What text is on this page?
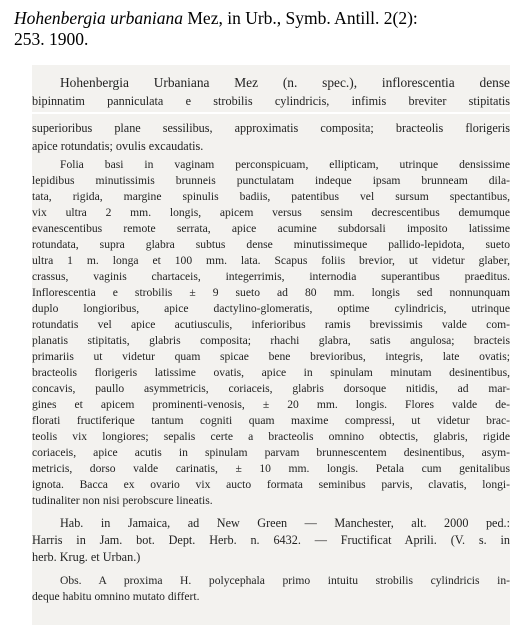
Hohenbergia urbaniana Mez, in Urb., Symb. Antill. 2(2):
253. 1900.
Hohenbergia Urbaniana Mez (n. spec.), inflorescentia dense
bipinnatim panniculata e strobilis cylindricis, infimis breviter stipitatis
superioribus plane sessilibus, approximatis composita; bracteolis florigeris
apice rotundatis; ovulis excaudatis.
Folia basi in vaginam perconspicuam, ellipticam, utrinque densissime
lepidibus minutissimis brunneis punctulatam indeque ipsam brunneam dila-
tata, rigida, margine spinulis badiis, patentibus vel sursum spectantibus,
vix ultra 2 mm. longis, apicem versus sensim decrescentibus demumque
evanescentibus remote serrata, apice acumine subdorsali imposito latissime
rotundata, supra glabra subtus dense minutissimeque pallido-lepidota, sueto
ultra 1 m. longa et 100 mm. lata. Scapus foliis brevior, ut videtur glaber,
crassus, vaginis chartaceis, integerrimis, internodia superantibus praeditus.
Inflorescentia e strobilis ± 9 sueto ad 80 mm. longis sed nonnunquam
duplo longioribus, apice dactylino-glomeratis, optime cylindricis, utrinque
rotundatis vel apice acutiusculis, inferioribus ramis brevissimis valde com-
planatis stipitatis, glabris composita; rhachi glabra, satis angulosa; bracteis
primariis ut videtur quam spicae bene brevioribus, integris, late ovatis;
bracteolis florigeris latissime ovatis, apice in spinulam minutam desinentibus,
concavis, paullo asymmetricis, coriaceis, glabris dorsoque nitidis, ad mar-
gines et apicem prominenti-venosis, ± 20 mm. longis. Flores valde de-
florati fructiferique tantum cogniti quam maxime compressi, ut videtur brac-
teolis vix longiores; sepalis certe a bracteolis omnino obtectis, glabris, rigide
coriaceis, apice acutis in spinulam parvam brunnescentem desinentibus, asym-
metricis, dorso valde carinatis, ± 10 mm. longis. Petala cum genitalibus
ignota. Bacca ex ovario vix aucto formata seminibus parvis, clavatis, longi-
tudinaliter non nisi perobscure lineatis.
Hab. in Jamaica, ad New Green — Manchester, alt. 2000 ped.:
Harris in Jam. bot. Dept. Herb. n. 6432. — Fructificat Aprili. (V. s. in
herb. Krug. et Urban.)
Obs. A proxima H. polycephala primo intuitu strobilis cylindricis in-
deque habitu omnino mutato differt.
